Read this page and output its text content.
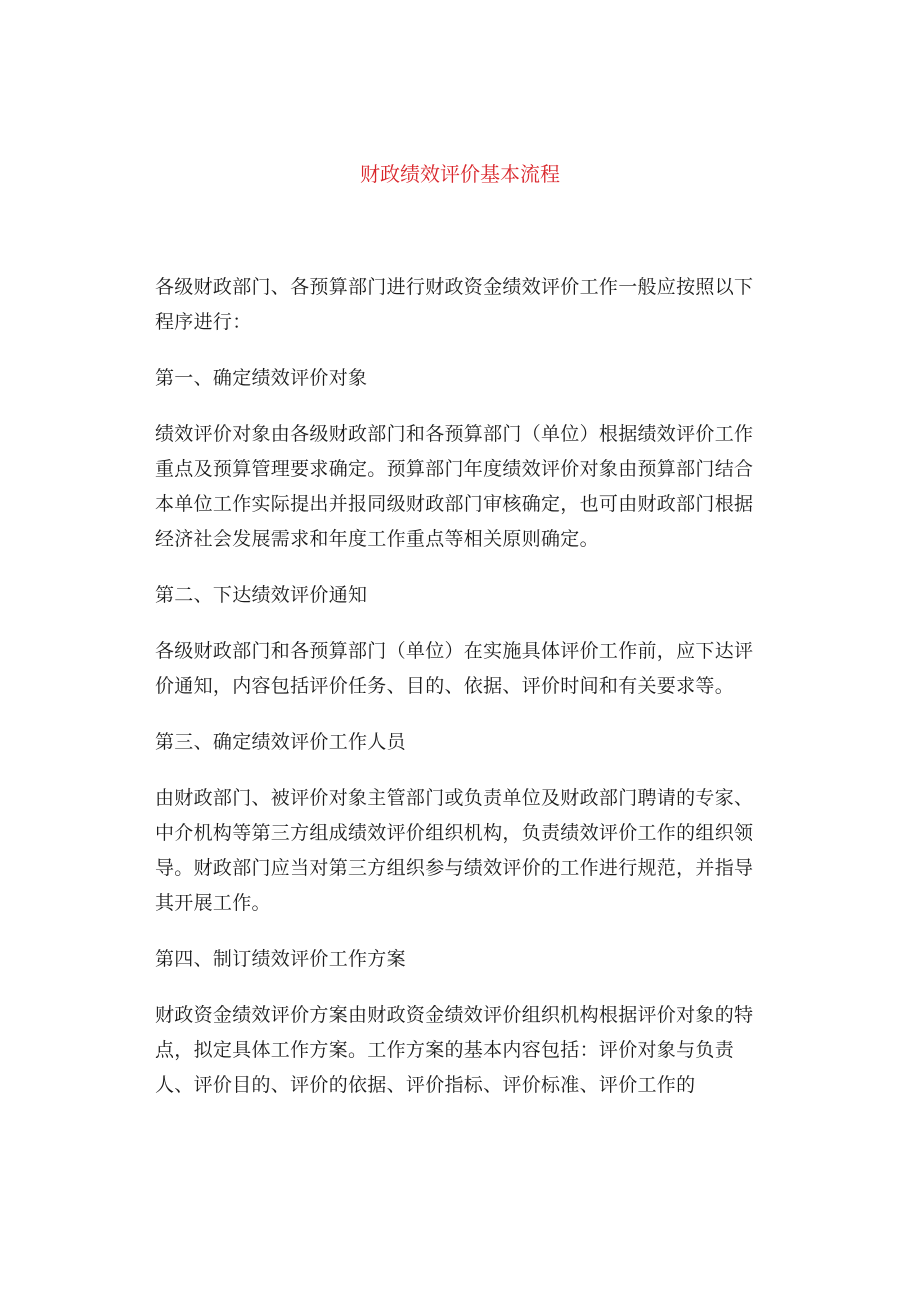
财政绩效评价基本流程

各级财政部门、各预算部门进行财政资金绩效评价工作一般应按照以下程序进行：

第一、确定绩效评价对象

绩效评价对象由各级财政部门和各预算部门（单位）根据绩效评价工作重点及预算管理要求确定。预算部门年度绩效评价对象由预算部门结合本单位工作实际提出并报同级财政部门审核确定，也可由财政部门根据经济社会发展需求和年度工作重点等相关原则确定。

第二、下达绩效评价通知

各级财政部门和各预算部门（单位）在实施具体评价工作前，应下达评价通知，内容包括评价任务、目的、依据、评价时间和有关要求等。

第三、确定绩效评价工作人员

由财政部门、被评价对象主管部门或负责单位及财政部门聘请的专家、中介机构等第三方组成绩效评价组织机构，负责绩效评价工作的组织领导。财政部门应当对第三方组织参与绩效评价的工作进行规范，并指导其开展工作。

第四、制订绩效评价工作方案

财政资金绩效评价方案由财政资金绩效评价组织机构根据评价对象的特点，拟定具体工作方案。工作方案的基本内容包括：评价对象与负责人、评价目的、评价的依据、评价指标、评价标准、评价工作的
